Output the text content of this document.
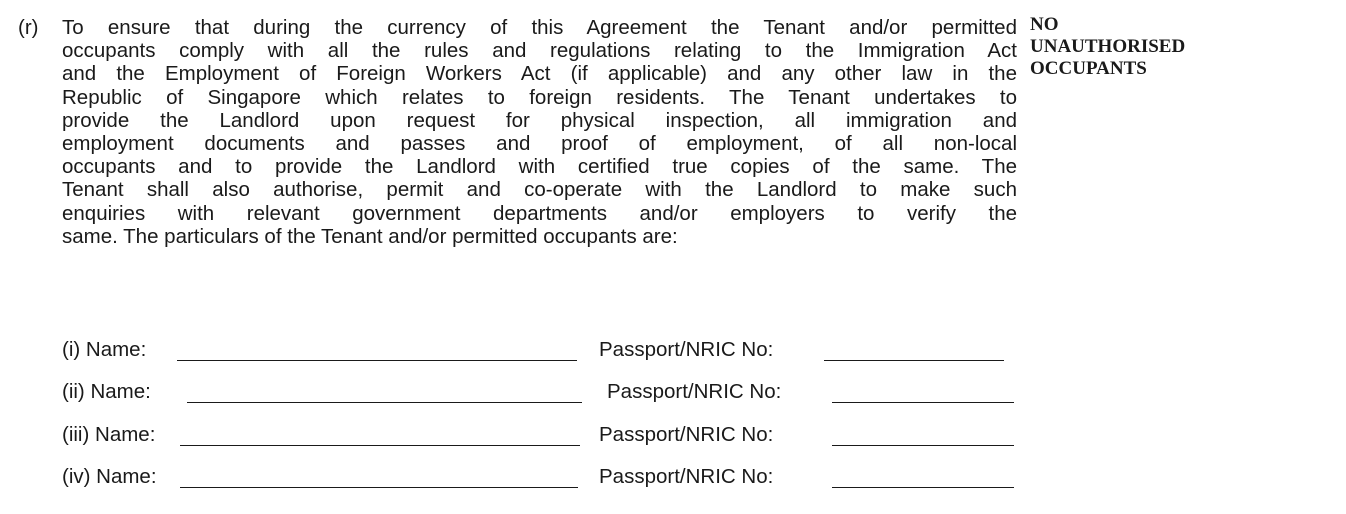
(r) To ensure that during the currency of this Agreement the Tenant and/or permitted
occupants comply with all the rules and regulations relating to the Immigration Act
and the Employment of Foreign Workers Act (if applicable) and any other law in the
Republic of Singapore which relates to foreign residents. The Tenant undertakes to
provide the Landlord upon request for physical inspection, all immigration and
employment documents and passes and proof of employment, of all non-local
occupants and to provide the Landlord with certified true copies of the same. The
Tenant shall also authorise, permit and co-operate with the Landlord to make such
enquiries with relevant government departments and/or employers to verify the
same. The particulars of the Tenant and/or permitted occupants are:
NO
UNAUTHORISED
OCCUPANTS
(i) Name:	Passport/NRIC No:
(ii) Name:	Passport/NRIC No:
(iii) Name:	Passport/NRIC No:
(iv) Name:	Passport/NRIC No:
